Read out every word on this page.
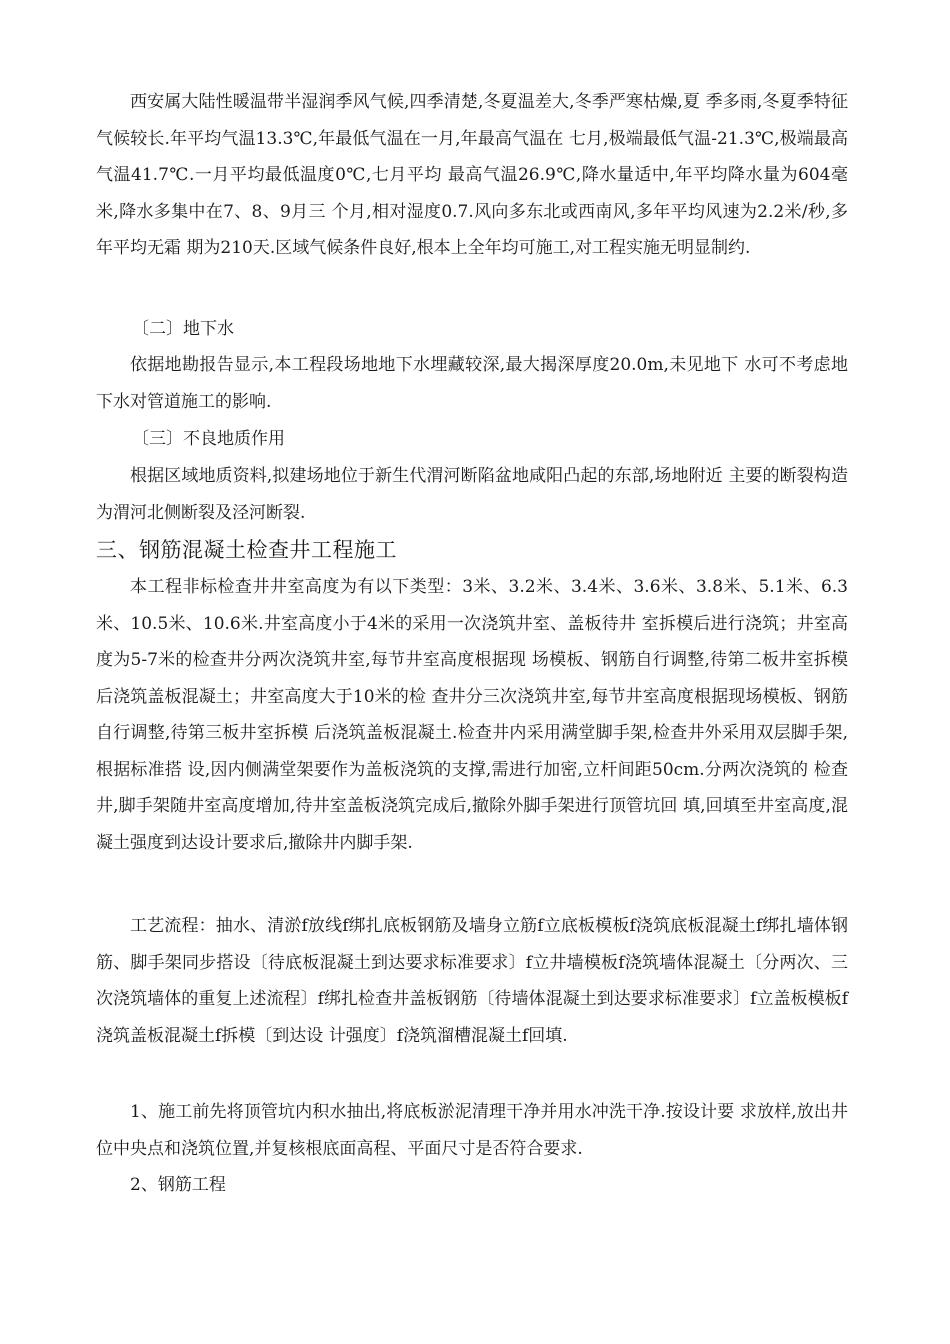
西安属大陆性暖温带半湿润季风气候,四季清楚,冬夏温差大,冬季严寒枯燥,夏 季多雨,冬夏季特征气候较长.年平均气温13.3℃,年最低气温在一月,年最高气温在 七月,极端最低气温-21.3℃,极端最高气温41.7℃.一月平均最低温度0℃,七月平均 最高气温26.9℃,降水量适中,年平均降水量为604毫米,降水多集中在7、8、9月三 个月,相对湿度0.7.风向多东北或西南风,多年平均风速为2.2米/秒,多年平均无霜 期为210天.区域气候条件良好,根本上全年均可施工,对工程实施无明显制约.

〔二〕地下水

依据地勘报告显示,本工程段场地地下水埋藏较深,最大揭深厚度20.0m,未见地下 水可不考虑地下水对管道施工的影响.

〔三〕不良地质作用

根据区域地质资料,拟建场地位于新生代渭河断陷盆地咸阳凸起的东部,场地附近 主要的断裂构造为渭河北侧断裂及泾河断裂.

三、钢筋混凝土检查井工程施工

本工程非标检查井井室高度为有以下类型：3米、3.2米、3.4米、3.6米、3.8米、5.1米、6.3米、10.5米、10.6米.井室高度小于4米的采用一次浇筑井室、盖板待井 室拆模后进行浇筑；井室高度为5-7米的检查井分两次浇筑井室,每节井室高度根据现 场模板、钢筋自行调整,待第二板井室拆模后浇筑盖板混凝土；井室高度大于10米的检 查井分三次浇筑井室,每节井室高度根据现场模板、钢筋自行调整,待第三板井室拆模 后浇筑盖板混凝土.检查井内采用满堂脚手架,检查井外采用双层脚手架,根据标准搭 设,因内侧满堂架要作为盖板浇筑的支撑,需进行加密,立杆间距50cm.分两次浇筑的 检查井,脚手架随井室高度增加,待井室盖板浇筑完成后,撤除外脚手架进行顶管坑回 填,回填至井室高度,混凝土强度到达设计要求后,撤除井内脚手架.

工艺流程：抽水、清淤f放线f绑扎底板钢筋及墙身立筋f立底板模板f浇筑底板混凝土f绑扎墙体钢筋、脚手架同步搭设〔待底板混凝土到达要求标准要求〕f立井墙模板f浇筑墙体混凝土〔分两次、三次浇筑墙体的重复上述流程〕f绑扎检查井盖板钢筋〔待墙体混凝土到达要求标准要求〕f立盖板模板f浇筑盖板混凝土f拆模〔到达设 计强度〕f浇筑溜槽混凝土f回填.

1、施工前先将顶管坑内积水抽出,将底板淤泥清理干净并用水冲洗干净.按设计要 求放样,放出井位中央点和浇筑位置,并复核根底面高程、平面尺寸是否符合要求.

2、钢筋工程
